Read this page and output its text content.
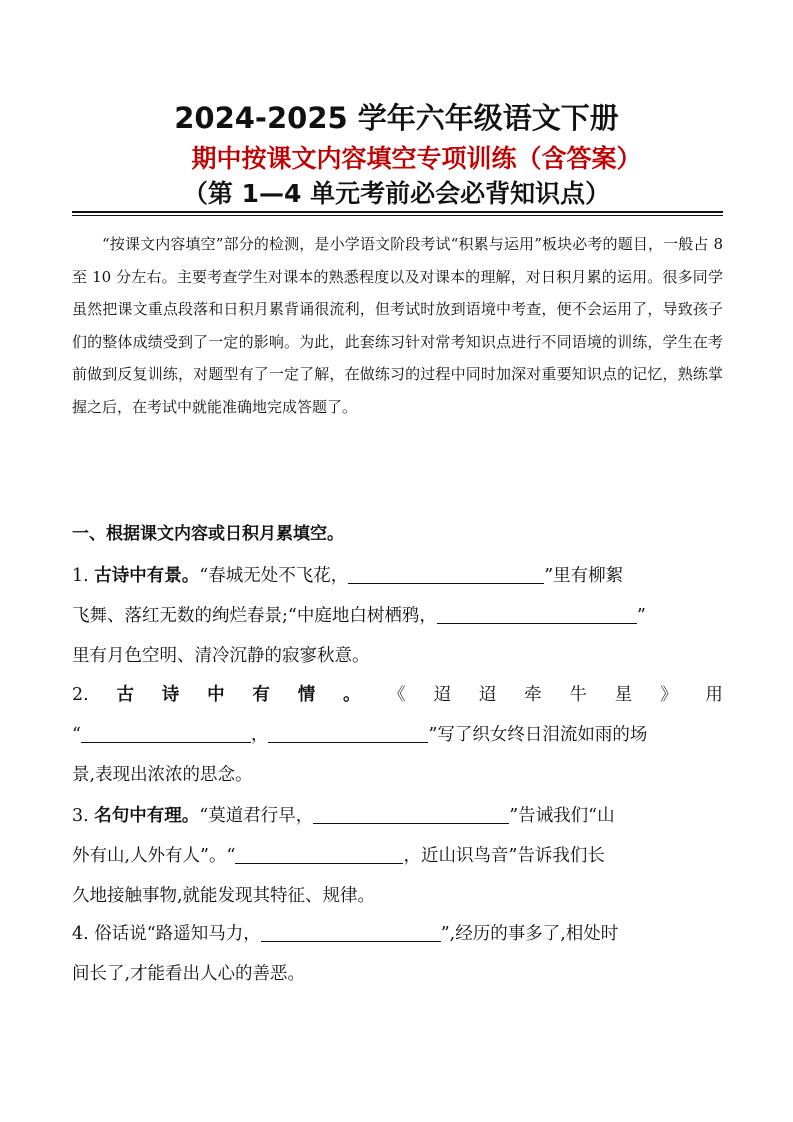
2024-2025 学年六年级语文下册
期中按课文内容填空专项训练（含答案）
（第 1—4 单元考前必会必背知识点）

“按课文内容填空”部分的检测，是小学语文阶段考试“积累与运用”板块必考的题目，一般占 8 至 10 分左右。主要考查学生对课本的熟悉程度以及对课本的理解，对日积月累的运用。很多同学虽然把课文重点段落和日积月累背诵很流利，但考试时放到语境中考查，便不会运用了，导致孩子们的整体成绩受到了一定的影响。为此，此套练习针对常考知识点进行不同语境的训练，学生在考前做到反复训练，对题型有了一定了解，在做练习的过程中同时加深对重要知识点的记忆，熟练掌握之后，在考试中就能准确地完成答题了。

一、根据课文内容或日积月累填空。
1. 古诗中有景。“春城无处不飞花，	”里有柳絮
飞舞、落红无数的绚烂春景;“中庭地白树栖鸦，	”
里有月色空明、清冷沉静的寂寥秋意。
2. 古 诗 中 有 情 。 《 迢 迢 牵 牛 星 》 用
“	，	”写了织女终日泪流如雨的场
景,表现出浓浓的思念。
3. 名句中有理。“莫道君行早，	”告诫我们“山
外有山,人外有人”。“	，近山识鸟音”告诉我们长
久地接触事物,就能发现其特征、规律。
4. 俗话说“路遥知马力，	”,经历的事多了,相处时
间长了,才能看出人心的善恶。
